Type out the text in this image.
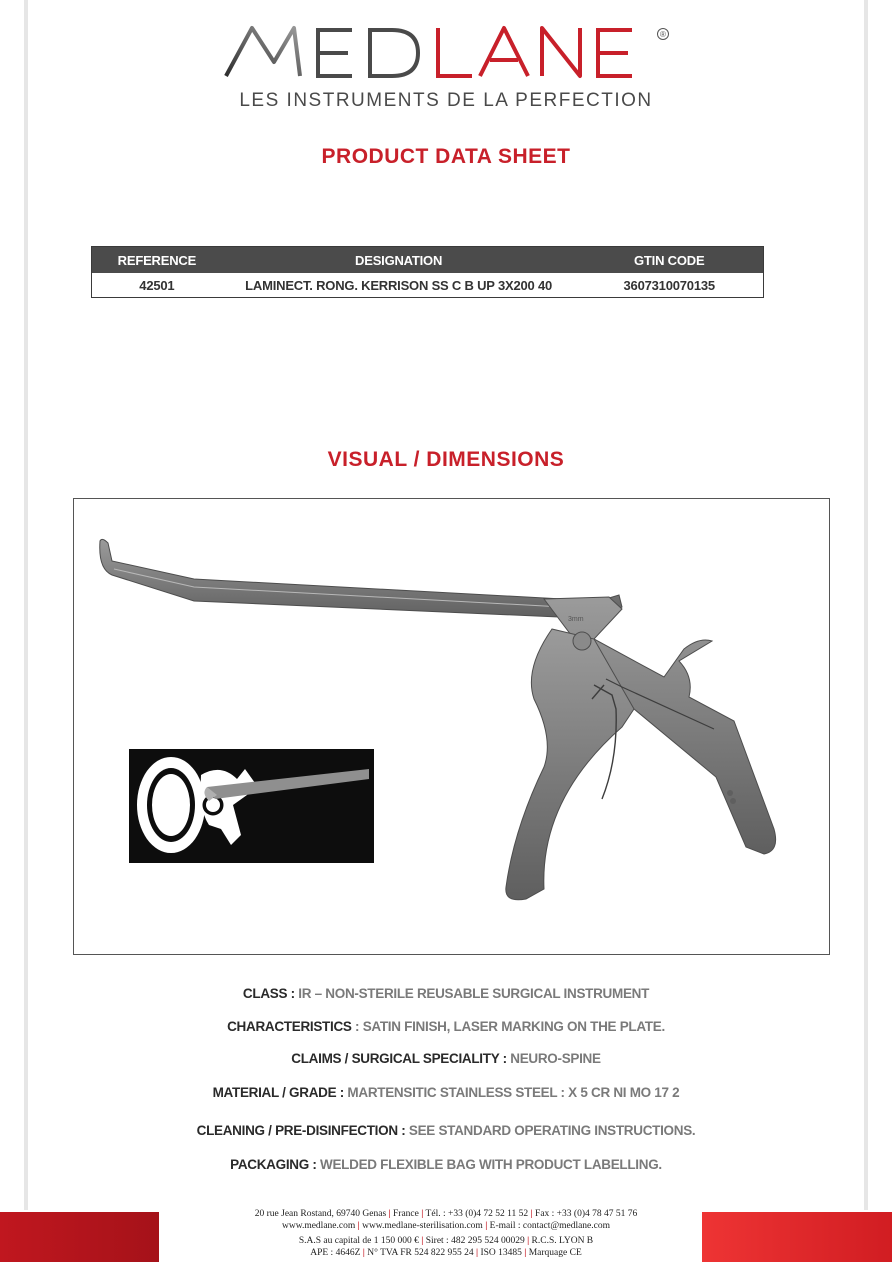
®
LES INSTRUMENTS DE LA PERFECTION
PRODUCT DATA SHEET
REFERENCE	DESIGNATION	GTIN CODE
42501	LAMINECT. RONG. KERRISON SS C B UP 3X200 40	3607310070135
VISUAL / DIMENSIONS
3mm
CLASS : IR – NON-STERILE REUSABLE SURGICAL INSTRUMENT
CHARACTERISTICS : SATIN FINISH, LASER MARKING ON THE PLATE.
CLAIMS / SURGICAL SPECIALITY : NEURO-SPINE
MATERIAL / GRADE : MARTENSITIC STAINLESS STEEL : X 5 CR NI MO 17 2
CLEANING / PRE-DISINFECTION : SEE STANDARD OPERATING INSTRUCTIONS.
PACKAGING : WELDED FLEXIBLE BAG WITH PRODUCT LABELLING.
20 rue Jean Rostand, 69740 Genas | France | Tél. : +33 (0)4 72 52 11 52 | Fax : +33 (0)4 78 47 51 76
www.medlane.com | www.medlane-sterilisation.com | E-mail : contact@medlane.com
S.A.S au capital de 1 150 000 € | Siret : 482 295 524 00029 | R.C.S. LYON B
APE : 4646Z | N° TVA FR 524 822 955 24 | ISO 13485 | Marquage CE
